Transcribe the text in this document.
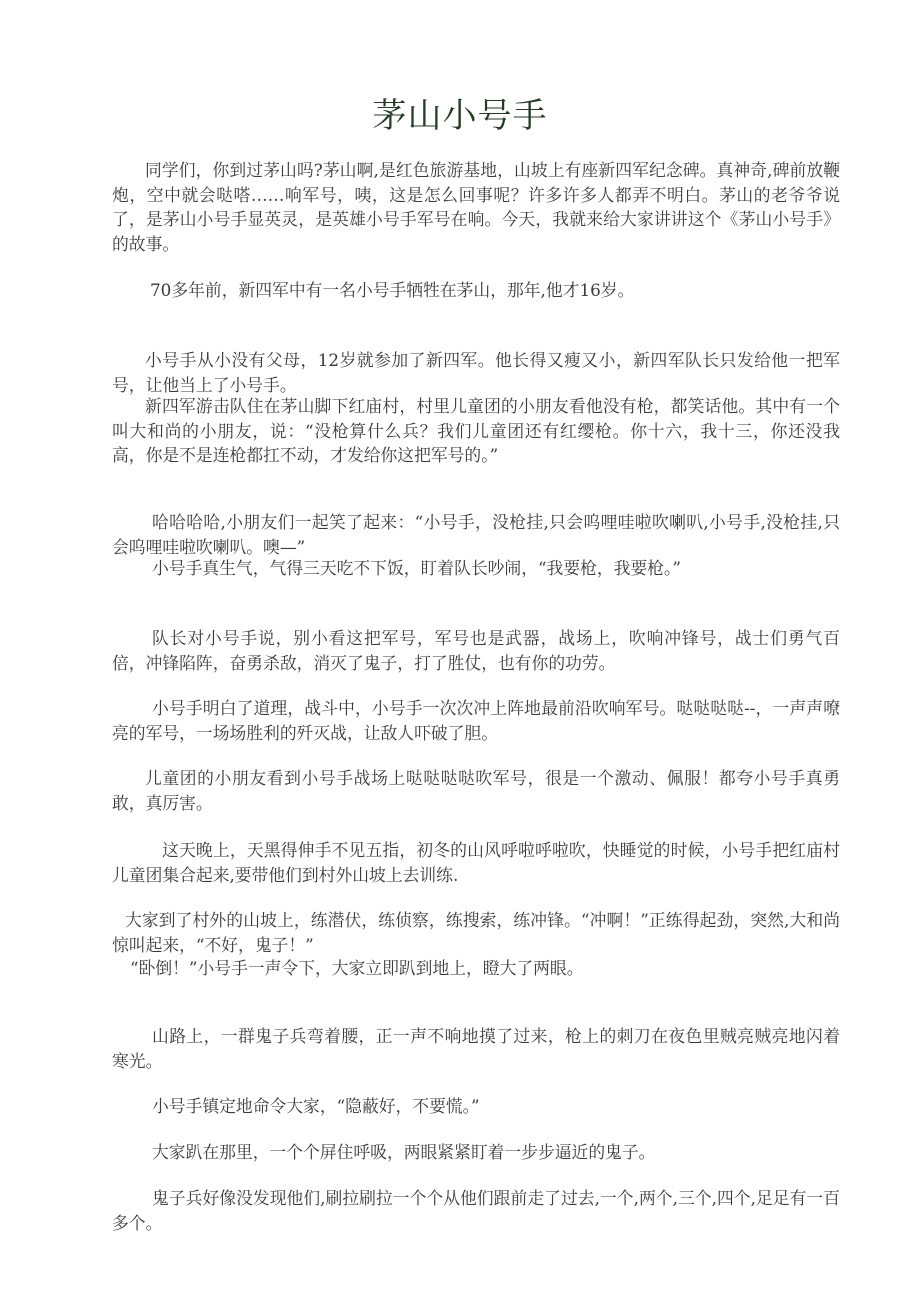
茅山小号手

同学们，你到过茅山吗?茅山啊,是红色旅游基地，山坡上有座新四军纪念碑。真神奇,碑前放鞭炮，空中就会哒嗒……响军号，咦，这是怎么回事呢？许多许多人都弄不明白。茅山的老爷爷说了，是茅山小号手显英灵，是英雄小号手军号在响。今天，我就来给大家讲讲这个《茅山小号手》的故事。

70多年前，新四军中有一名小号手牺牲在茅山，那年,他才16岁。

小号手从小没有父母，12岁就参加了新四军。他长得又瘦又小，新四军队长只发给他一把军号，让他当上了小号手。

新四军游击队住在茅山脚下红庙村，村里儿童团的小朋友看他没有枪，都笑话他。其中有一个叫大和尚的小朋友，说：“没枪算什么兵？我们儿童团还有红缨枪。你十六，我十三，你还没我高，你是不是连枪都扛不动，才发给你这把军号的。”

哈哈哈哈,小朋友们一起笑了起来：“小号手，没枪挂,只会呜哩哇啦吹喇叭,小号手,没枪挂,只会呜哩哇啦吹喇叭。噢—”

小号手真生气，气得三天吃不下饭，盯着队长吵闹，“我要枪，我要枪。”

队长对小号手说，别小看这把军号，军号也是武器，战场上，吹响冲锋号，战士们勇气百倍，冲锋陷阵，奋勇杀敌，消灭了鬼子，打了胜仗，也有你的功劳。

小号手明白了道理，战斗中，小号手一次次冲上阵地最前沿吹响军号。哒哒哒哒--，一声声嘹亮的军号，一场场胜利的歼灭战，让敌人吓破了胆。

儿童团的小朋友看到小号手战场上哒哒哒哒吹军号，很是一个激动、佩服！都夸小号手真勇敢，真厉害。

这天晚上，天黑得伸手不见五指，初冬的山风呼啦呼啦吹，快睡觉的时候，小号手把红庙村儿童团集合起来,要带他们到村外山坡上去训练.

大家到了村外的山坡上，练潜伏，练侦察，练搜索，练冲锋。“冲啊！”正练得起劲，突然,大和尚惊叫起来，“不好，鬼子！”

“卧倒！”小号手一声令下，大家立即趴到地上，瞪大了两眼。

山路上，一群鬼子兵弯着腰，正一声不响地摸了过来，枪上的刺刀在夜色里贼亮贼亮地闪着寒光。

小号手镇定地命令大家，“隐蔽好，不要慌。”

大家趴在那里，一个个屏住呼吸，两眼紧紧盯着一步步逼近的鬼子。

鬼子兵好像没发现他们,刷拉刷拉一个个从他们跟前走了过去,一个,两个,三个,四个,足足有一百多个。
